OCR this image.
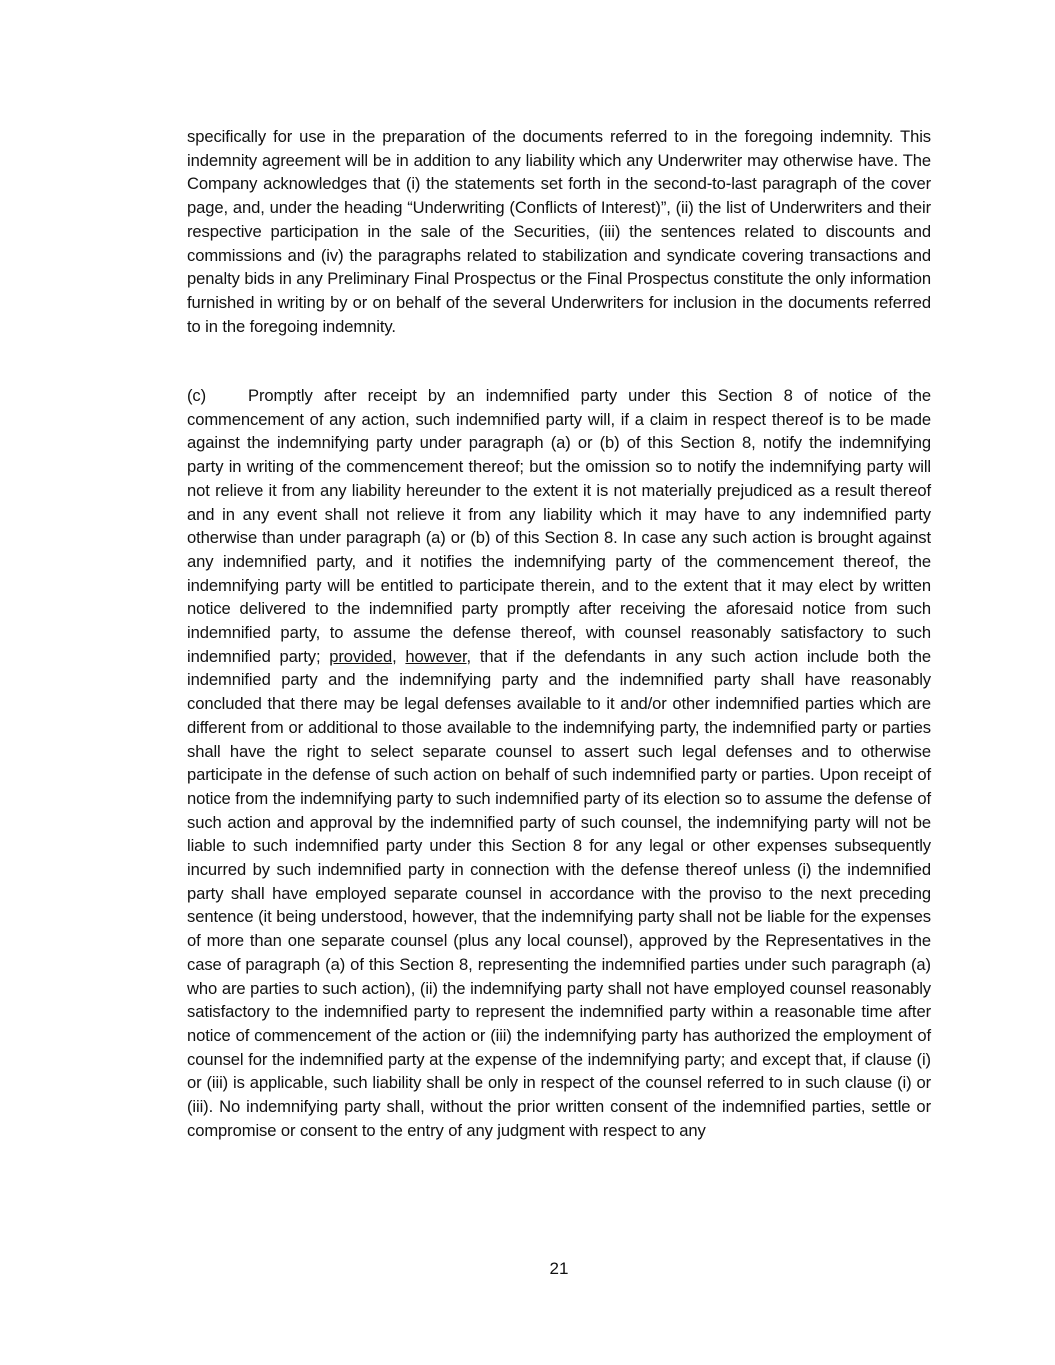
specifically for use in the preparation of the documents referred to in the foregoing indemnity. This indemnity agreement will be in addition to any liability which any Underwriter may otherwise have. The Company acknowledges that (i) the statements set forth in the second-to-last paragraph of the cover page, and, under the heading “Underwriting (Conflicts of Interest)”, (ii) the list of Underwriters and their respective participation in the sale of the Securities, (iii) the sentences related to discounts and commissions and (iv) the paragraphs related to stabilization and syndicate covering transactions and penalty bids in any Preliminary Final Prospectus or the Final Prospectus constitute the only information furnished in writing by or on behalf of the several Underwriters for inclusion in the documents referred to in the foregoing indemnity.
(c)	Promptly after receipt by an indemnified party under this Section 8 of notice of the commencement of any action, such indemnified party will, if a claim in respect thereof is to be made against the indemnifying party under paragraph (a) or (b) of this Section 8, notify the indemnifying party in writing of the commencement thereof; but the omission so to notify the indemnifying party will not relieve it from any liability hereunder to the extent it is not materially prejudiced as a result thereof and in any event shall not relieve it from any liability which it may have to any indemnified party otherwise than under paragraph (a) or (b) of this Section 8. In case any such action is brought against any indemnified party, and it notifies the indemnifying party of the commencement thereof, the indemnifying party will be entitled to participate therein, and to the extent that it may elect by written notice delivered to the indemnified party promptly after receiving the aforesaid notice from such indemnified party, to assume the defense thereof, with counsel reasonably satisfactory to such indemnified party; provided, however, that if the defendants in any such action include both the indemnified party and the indemnifying party and the indemnified party shall have reasonably concluded that there may be legal defenses available to it and/or other indemnified parties which are different from or additional to those available to the indemnifying party, the indemnified party or parties shall have the right to select separate counsel to assert such legal defenses and to otherwise participate in the defense of such action on behalf of such indemnified party or parties. Upon receipt of notice from the indemnifying party to such indemnified party of its election so to assume the defense of such action and approval by the indemnified party of such counsel, the indemnifying party will not be liable to such indemnified party under this Section 8 for any legal or other expenses subsequently incurred by such indemnified party in connection with the defense thereof unless (i) the indemnified party shall have employed separate counsel in accordance with the proviso to the next preceding sentence (it being understood, however, that the indemnifying party shall not be liable for the expenses of more than one separate counsel (plus any local counsel), approved by the Representatives in the case of paragraph (a) of this Section 8, representing the indemnified parties under such paragraph (a) who are parties to such action), (ii) the indemnifying party shall not have employed counsel reasonably satisfactory to the indemnified party to represent the indemnified party within a reasonable time after notice of commencement of the action or (iii) the indemnifying party has authorized the employment of counsel for the indemnified party at the expense of the indemnifying party; and except that, if clause (i) or (iii) is applicable, such liability shall be only in respect of the counsel referred to in such clause (i) or (iii). No indemnifying party shall, without the prior written consent of the indemnified parties, settle or compromise or consent to the entry of any judgment with respect to any
21
